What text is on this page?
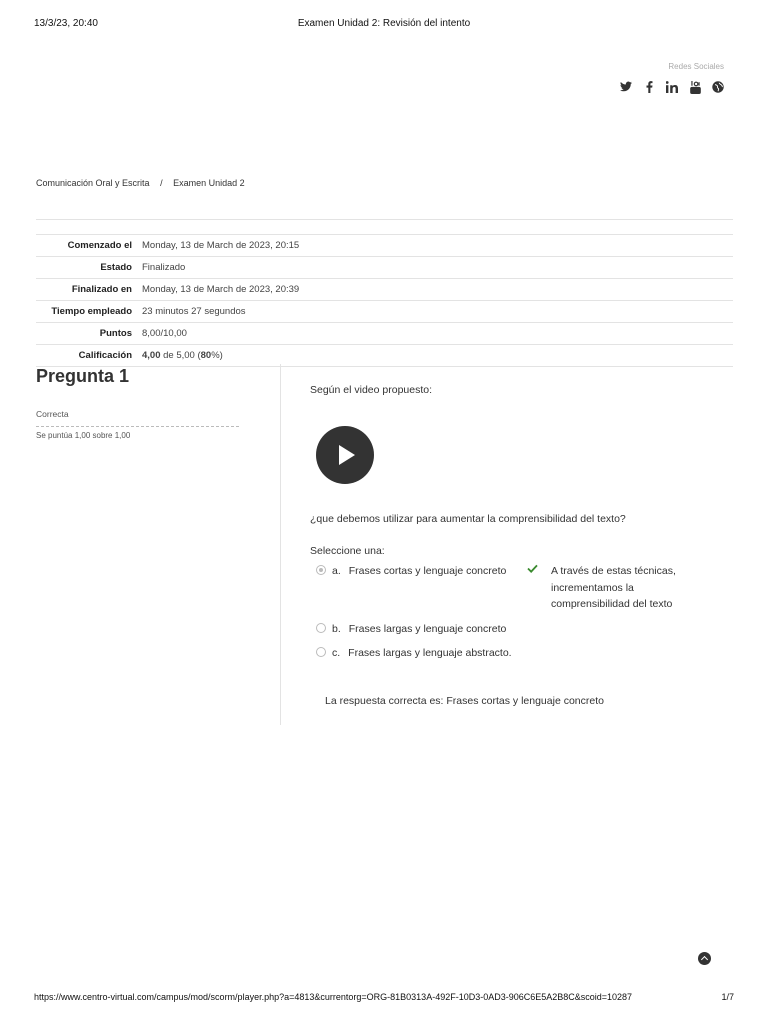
13/3/23, 20:40	Examen Unidad 2: Revisión del intento
Redes Sociales
Comunicación Oral y Escrita / Examen Unidad 2
Comenzado el	Monday, 13 de March de 2023, 20:15
Estado	Finalizado
Finalizado en	Monday, 13 de March de 2023, 20:39
Tiempo empleado	23 minutos 27 segundos
Puntos	8,00/10,00
Calificación	4,00 de 5,00 (80%)
Pregunta 1
Correcta
Se puntúa 1,00 sobre 1,00
Según el video propuesto:
¿que debemos utilizar para aumentar la comprensibilidad del texto?
Seleccione una:
a. Frases cortas y lenguaje concreto	A través de estas técnicas, incrementamos la comprensibilidad del texto
b. Frases largas y lenguaje concreto
c. Frases largas y lenguaje abstracto.
La respuesta correcta es: Frases cortas y lenguaje concreto
https://www.centro-virtual.com/campus/mod/scorm/player.php?a=4813&currentorg=ORG-81B0313A-492F-10D3-0AD3-906C6E5A2B8C&scoid=10287	1/7
